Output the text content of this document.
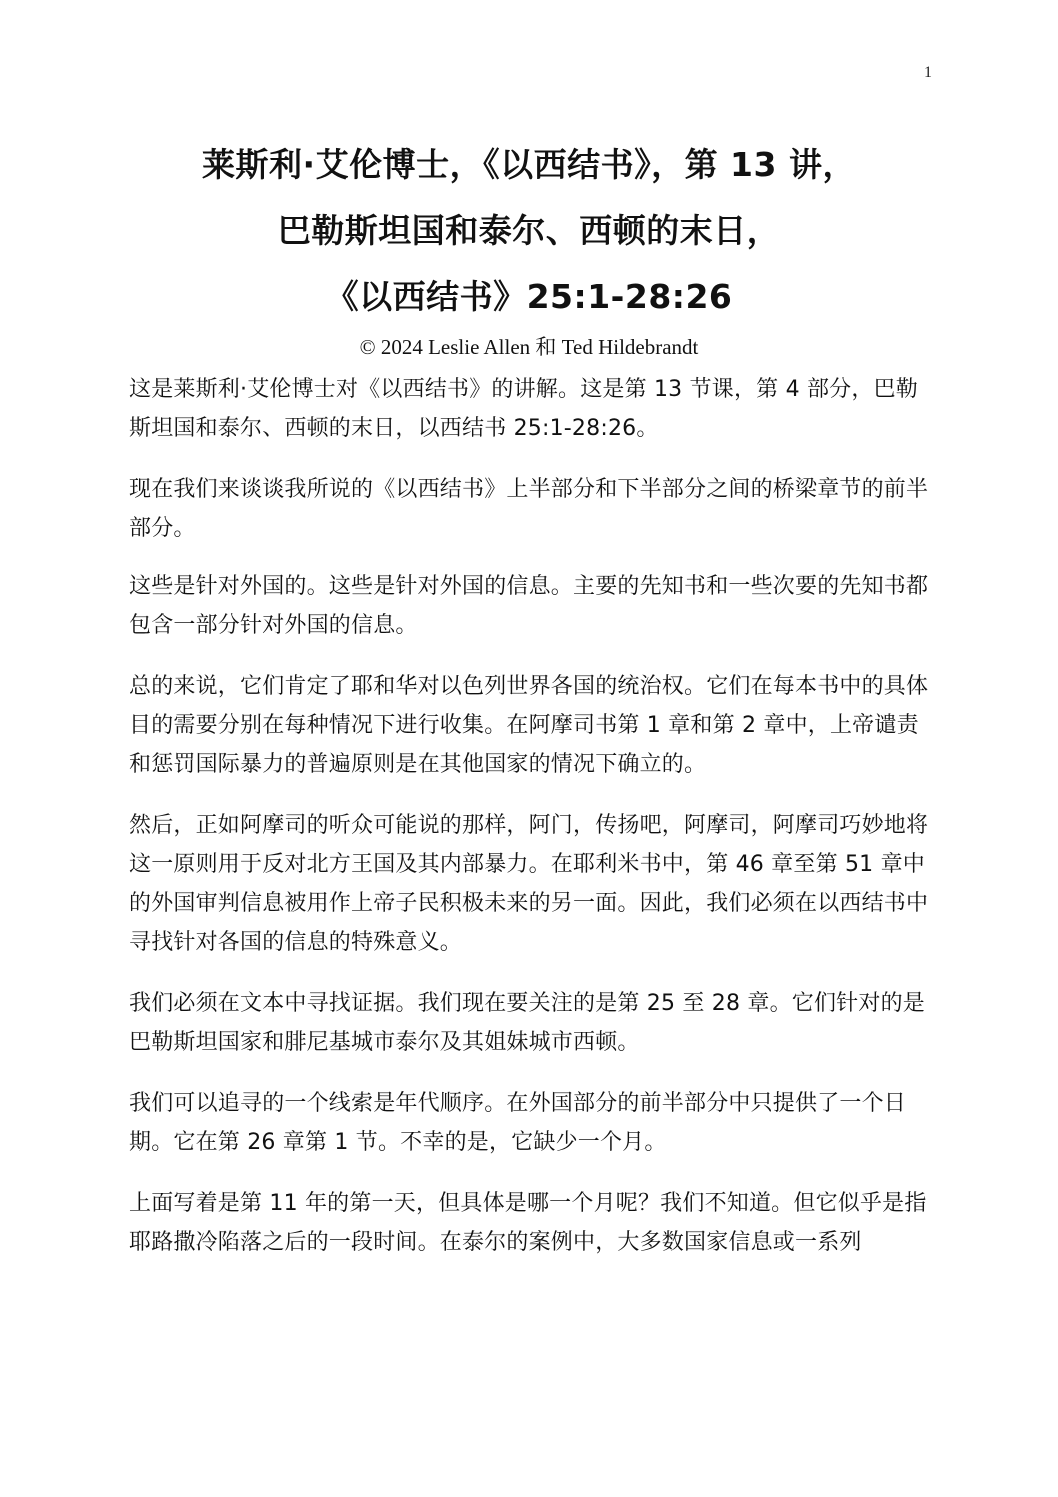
1
莱斯利·艾伦博士，《以西结书》，第 13 讲，
巴勒斯坦国和泰尔、西顿的末日，
《以西结书》25:1-28:26
© 2024 Leslie Allen 和 Ted Hildebrandt

这是莱斯利·艾伦博士对《以西结书》的讲解。这是第 13 节课，第 4 部分，巴勒斯坦国和泰尔、西顿的末日，以西结书 25:1-28:26。

现在我们来谈谈我所说的《以西结书》上半部分和下半部分之间的桥梁章节的前半部分。

这些是针对外国的。这些是针对外国的信息。主要的先知书和一些次要的先知书都包含一部分针对外国的信息。

总的来说，它们肯定了耶和华对以色列世界各国的统治权。它们在每本书中的具体目的需要分别在每种情况下进行收集。在阿摩司书第 1 章和第 2 章中，上帝谴责和惩罚国际暴力的普遍原则是在其他国家的情况下确立的。

然后，正如阿摩司的听众可能说的那样，阿门，传扬吧，阿摩司，阿摩司巧妙地将这一原则用于反对北方王国及其内部暴力。在耶利米书中，第 46 章至第 51 章中的外国审判信息被用作上帝子民积极未来的另一面。因此，我们必须在以西结书中寻找针对各国的信息的特殊意义。

我们必须在文本中寻找证据。我们现在要关注的是第 25 至 28 章。它们针对的是巴勒斯坦国家和腓尼基城市泰尔及其姐妹城市西顿。

我们可以追寻的一个线索是年代顺序。在外国部分的前半部分中只提供了一个日期。它在第 26 章第 1 节。不幸的是，它缺少一个月。

上面写着是第 11 年的第一天，但具体是哪一个月呢？我们不知道。但它似乎是指耶路撒冷陷落之后的一段时间。在泰尔的案例中，大多数国家信息或一系列
